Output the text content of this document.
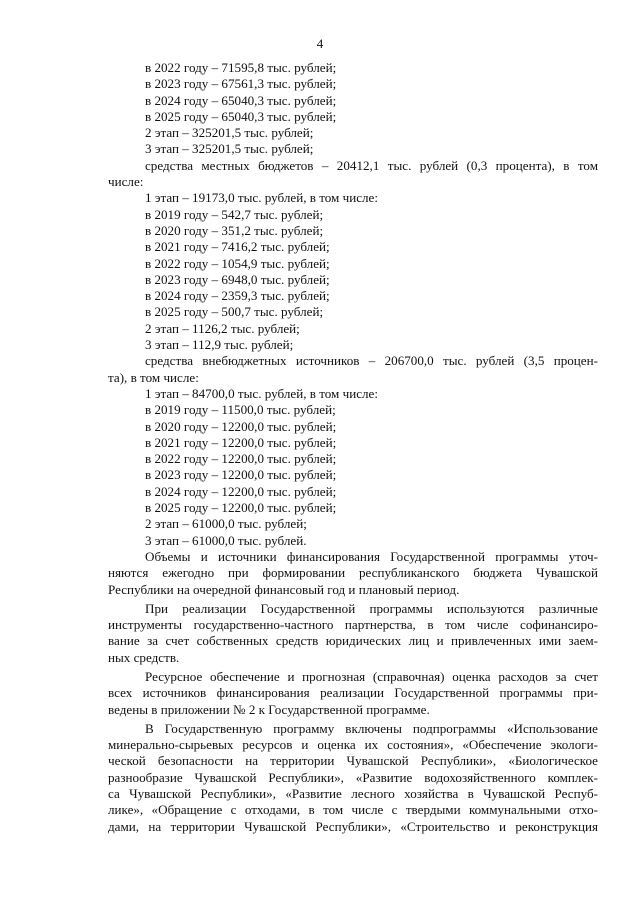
4
в 2022 году – 71595,8 тыс. рублей;
в 2023 году – 67561,3 тыс. рублей;
в 2024 году – 65040,3 тыс. рублей;
в 2025 году – 65040,3 тыс. рублей;
2 этап – 325201,5 тыс. рублей;
3 этап – 325201,5 тыс. рублей;
средства местных бюджетов – 20412,1 тыс. рублей (0,3 процента), в том
числе:
1 этап – 19173,0 тыс. рублей, в том числе:
в 2019 году – 542,7 тыс. рублей;
в 2020 году – 351,2 тыс. рублей;
в 2021 году – 7416,2 тыс. рублей;
в 2022 году – 1054,9 тыс. рублей;
в 2023 году – 6948,0 тыс. рублей;
в 2024 году – 2359,3 тыс. рублей;
в 2025 году – 500,7 тыс. рублей;
2 этап – 1126,2 тыс. рублей;
3 этап – 112,9 тыс. рублей;
средства внебюджетных источников – 206700,0 тыс. рублей (3,5 процен-
та), в том числе:
1 этап – 84700,0 тыс. рублей, в том числе:
в 2019 году – 11500,0 тыс. рублей;
в 2020 году – 12200,0 тыс. рублей;
в 2021 году – 12200,0 тыс. рублей;
в 2022 году – 12200,0 тыс. рублей;
в 2023 году – 12200,0 тыс. рублей;
в 2024 году – 12200,0 тыс. рублей;
в 2025 году – 12200,0 тыс. рублей;
2 этап – 61000,0 тыс. рублей;
3 этап – 61000,0 тыс. рублей.
Объемы и источники финансирования Государственной программы уточ-
няются ежегодно при формировании республиканского бюджета Чувашской
Республики на очередной финансовый год и плановый период.
При реализации Государственной программы используются различные
инструменты государственно-частного партнерства, в том числе софинансиро-
вание за счет собственных средств юридических лиц и привлеченных ими заем-
ных средств.
Ресурсное обеспечение и прогнозная (справочная) оценка расходов за счет
всех источников финансирования реализации Государственной программы при-
ведены в приложении № 2 к Государственной программе.
В Государственную программу включены подпрограммы «Использование
минерально-сырьевых ресурсов и оценка их состояния», «Обеспечение экологи-
ческой безопасности на территории Чувашской Республики», «Биологическое
разнообразие Чувашской Республики», «Развитие водохозяйственного комплек-
са Чувашской Республики», «Развитие лесного хозяйства в Чувашской Респуб-
лике», «Обращение с отходами, в том числе с твердыми коммунальными отхо-
дами, на территории Чувашской Республики», «Строительство и реконструкция
